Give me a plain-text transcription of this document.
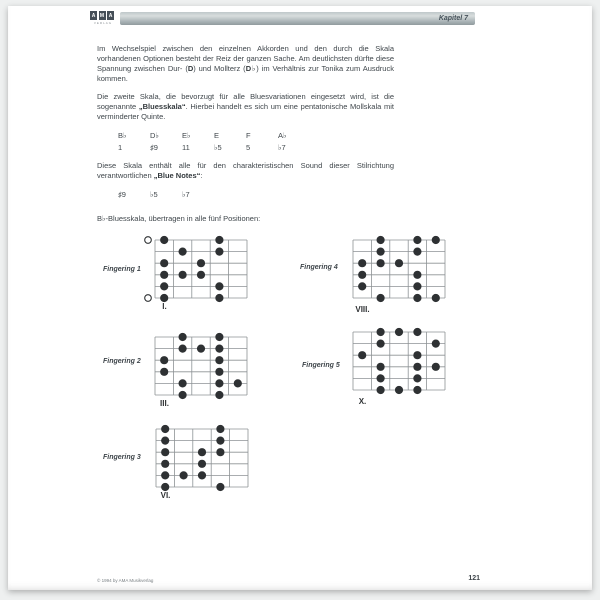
A M A
VERLAG
Kapitel 7

Im Wechselspiel zwischen den einzelnen Akkorden und den durch die Skala vorhandenen Optionen besteht der Reiz der ganzen Sache. Am deutlichsten dürfte diese Spannung zwischen Dur- (D) und Mollterz (D♭) im Verhältnis zur Tonika zum Ausdruck kommen.

Die zweite Skala, die bevorzugt für alle Bluesvariationen eingesetzt wird, ist die sogenannte „Bluesskala“. Hierbei handelt es sich um eine pentatonische Mollskala mit verminderter Quinte.

B♭	D♭	E♭	E	F	A♭
1	♯9	11	♭5	5	♭7

Diese Skala enthält alle für den charakteristischen Sound dieser Stilrichtung verantwortlichen „Blue Notes“:

♯9	♭5	♭7

B♭-Bluesskala, übertragen in alle fünf Positionen:

Fingering 1
I.
Fingering 4
VIII.
Fingering 2
III.
Fingering 5
X.
Fingering 3
VI.
© 1994 by AMA Musikverlag	121
